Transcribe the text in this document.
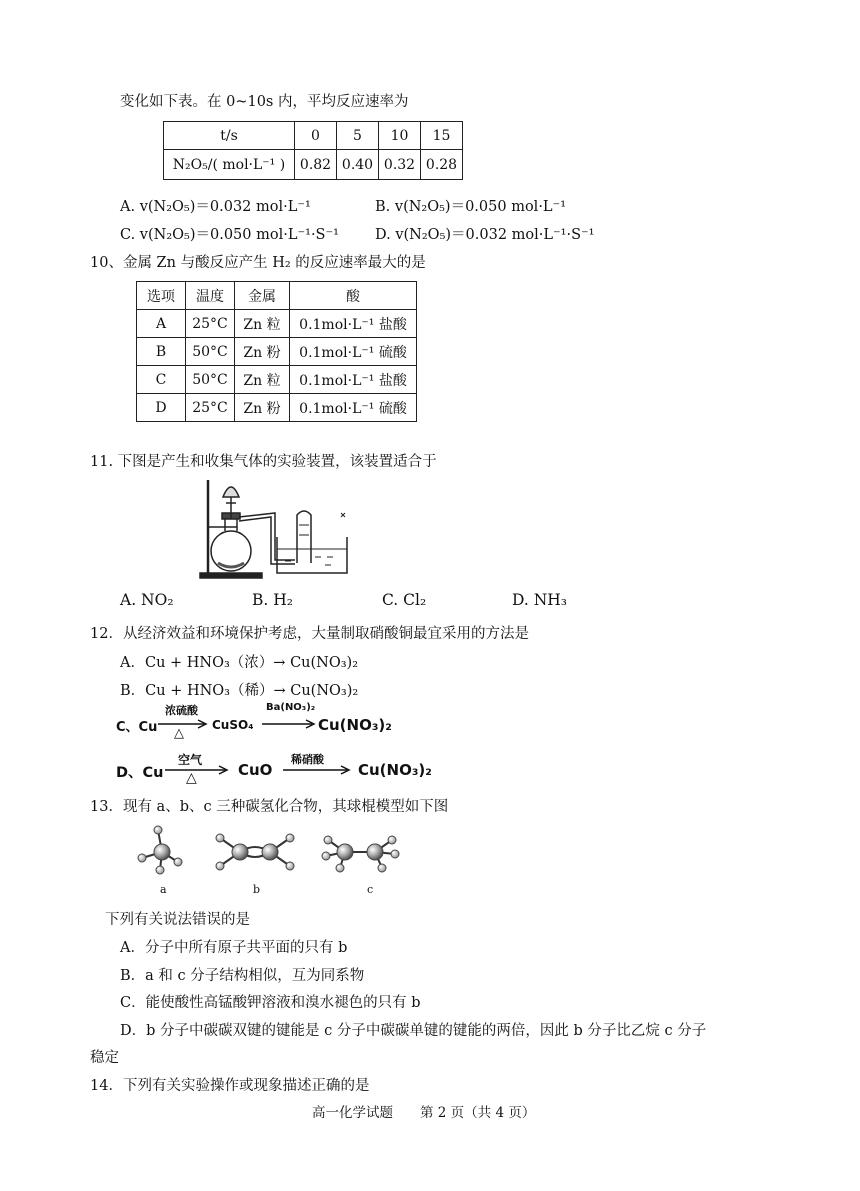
变化如下表。在 0~10s 内，平均反应速率为
t/s	0	5	10	15
N₂O₅/( mol·L⁻¹ )	0.82	0.40	0.32	0.28
A. v(N₂O₅)＝0.032 mol·L⁻¹	B. v(N₂O₅)＝0.050 mol·L⁻¹
C. v(N₂O₅)＝0.050 mol·L⁻¹·S⁻¹ D. v(N₂O₅)＝0.032 mol·L⁻¹·S⁻¹
10、金属 Zn 与酸反应产生 H₂ 的反应速率最大的是
选项	温度	金属	酸
A	25°C	Zn 粒	0.1mol·L⁻¹ 盐酸
B	50°C	Zn 粉	0.1mol·L⁻¹ 硫酸
C	50°C	Zn 粒	0.1mol·L⁻¹ 盐酸
D	25°C	Zn 粉	0.1mol·L⁻¹ 硫酸
11. 下图是产生和收集气体的实验装置，该装置适合于
A. NO₂	B. H₂	C. Cl₂	D. NH₃
12．从经济效益和环境保护考虑，大量制取硝酸铜最宜采用的方法是
A．Cu + HNO₃（浓）→ Cu(NO₃)₂
B．Cu + HNO₃（稀）→ Cu(NO₃)₂
C、Cu
浓硫酸
△
CuSO₄
Ba(NO₃)₂
Cu(NO₃)₂
D、Cu
空气
△	CuO
稀硝酸
Cu(NO₃)₂
13．现有 a、b、c 三种碳氢化合物，其球棍模型如下图
a	b	c
下列有关说法错误的是
A．分子中所有原子共平面的只有 b
B．a 和 c 分子结构相似，互为同系物
C．能使酸性高锰酸钾溶液和溴水褪色的只有 b
D．b 分子中碳碳双键的键能是 c 分子中碳碳单键的键能的两倍，因此 b 分子比乙烷 c 分子
稳定
14．下列有关实验操作或现象描述正确的是
高一化学试题　　第 2 页（共 4 页）
